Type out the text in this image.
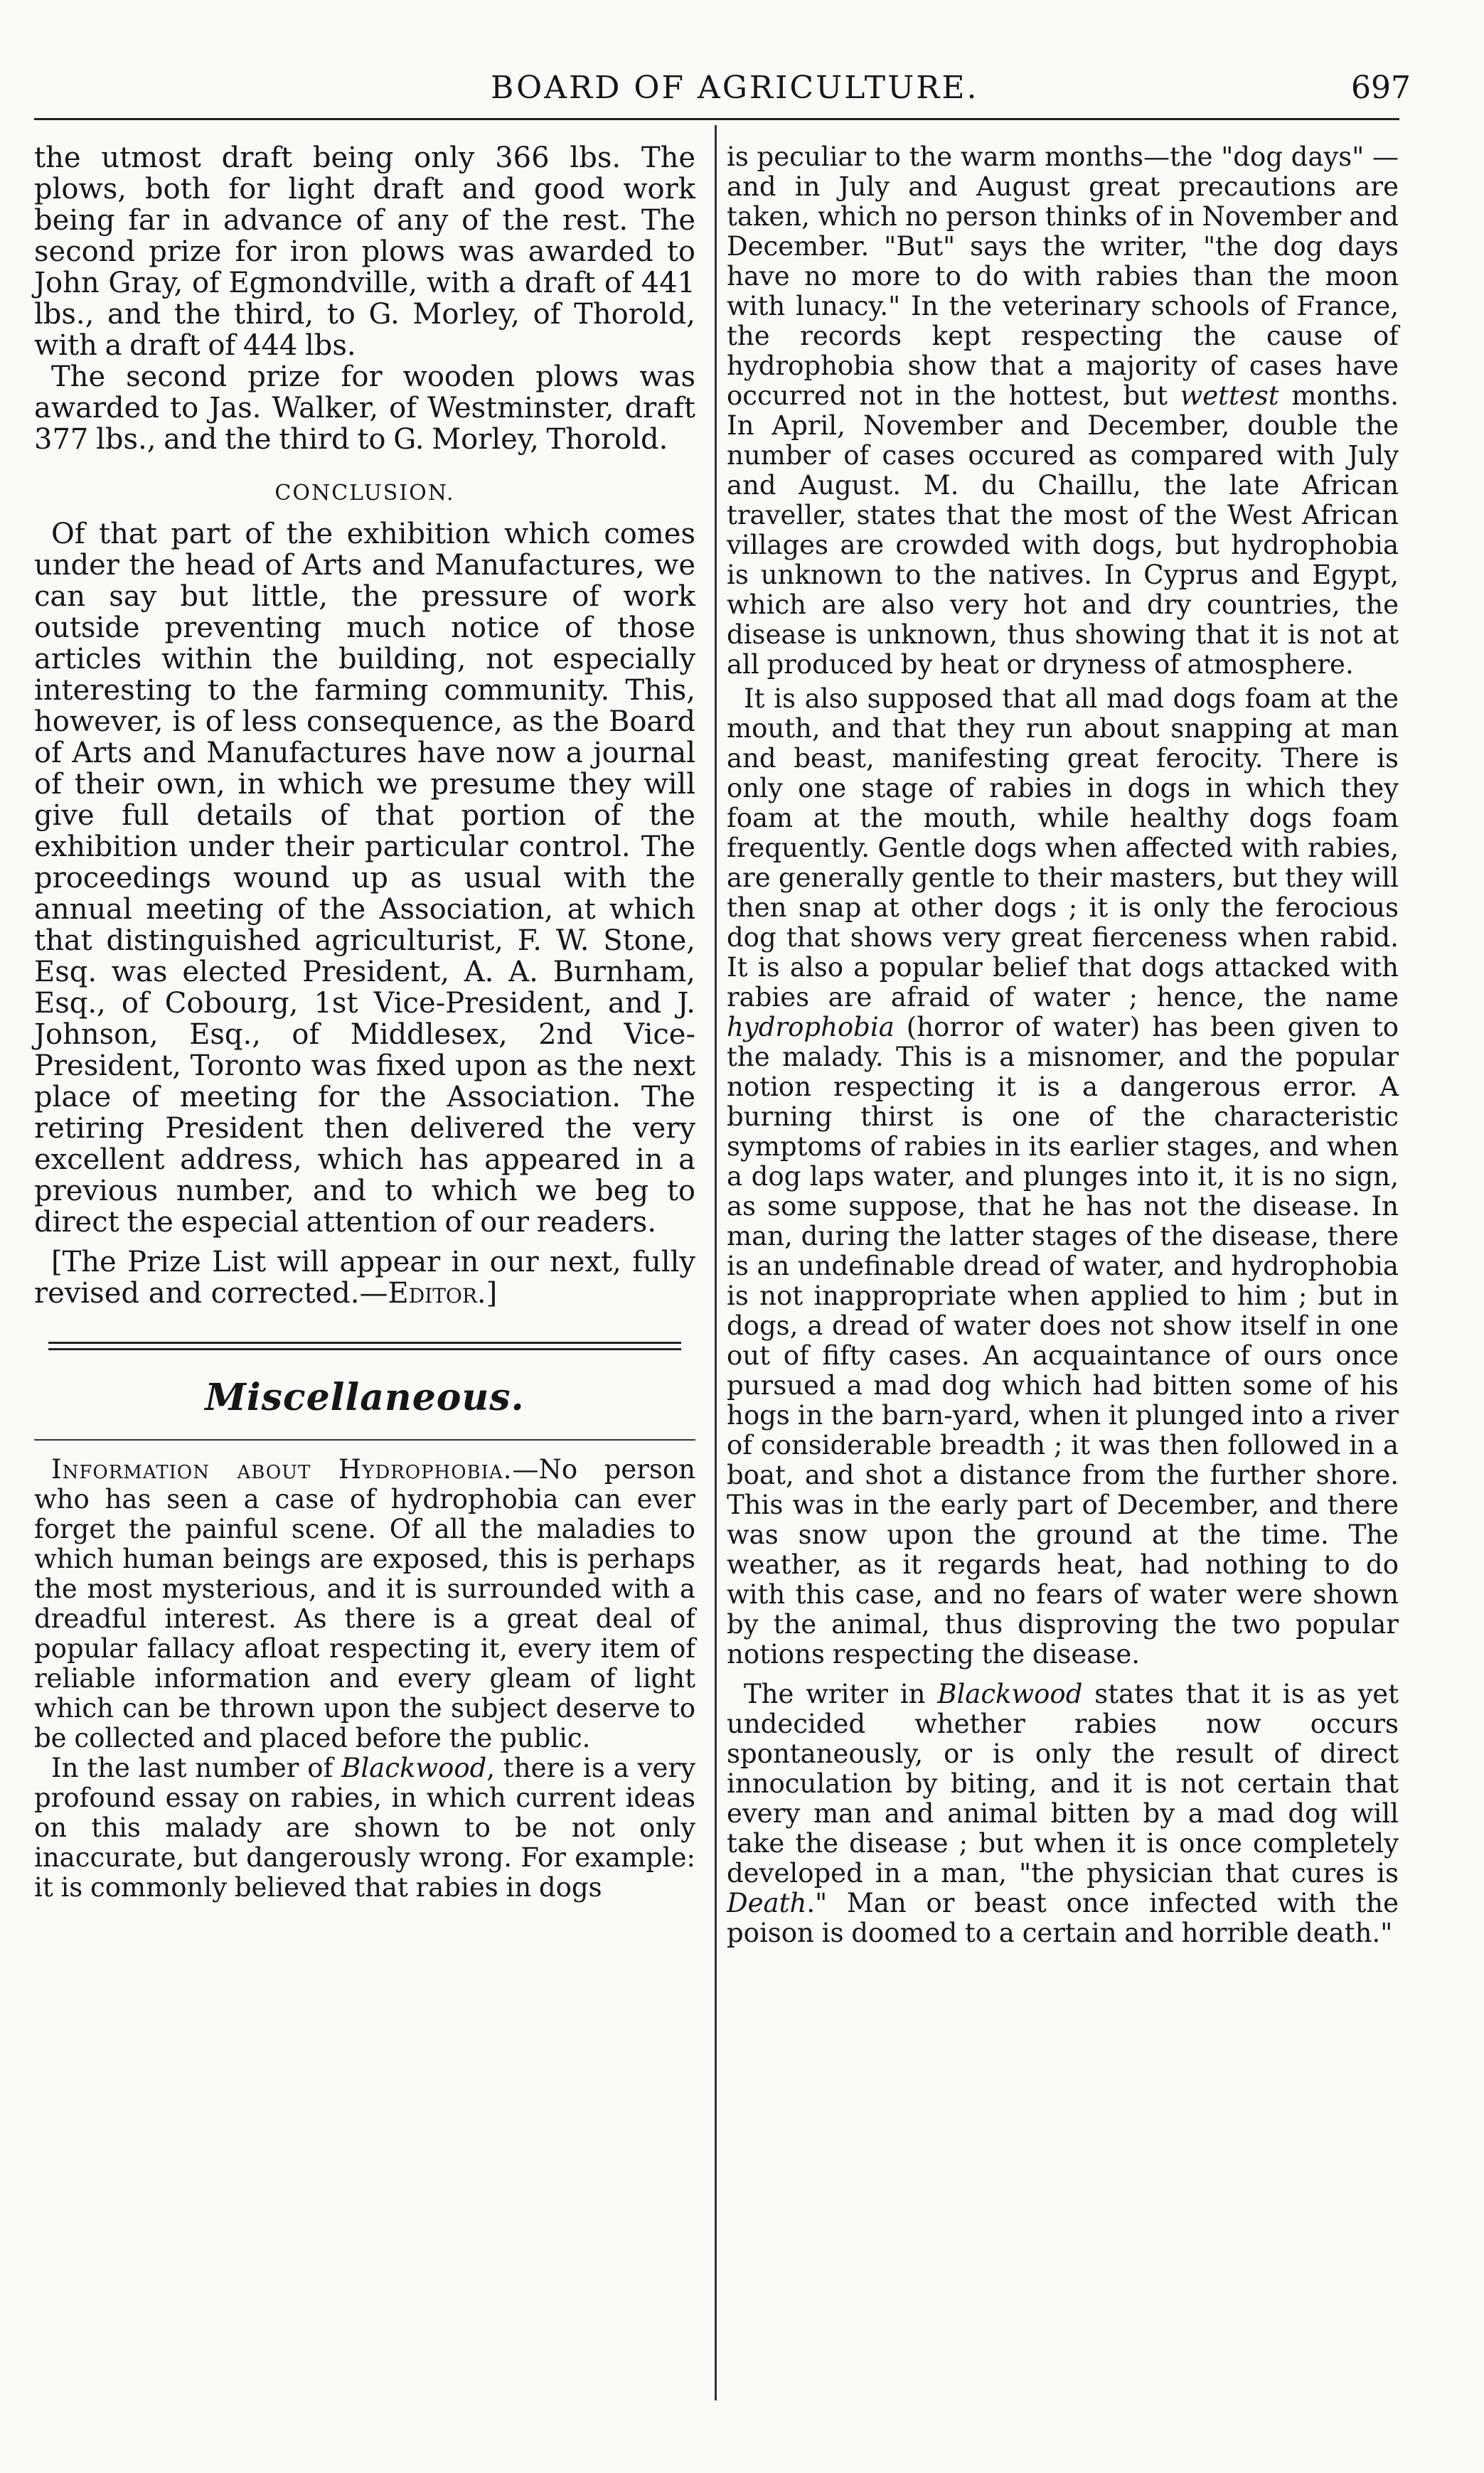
BOARD OF AGRICULTURE.	697

the utmost draft being only 366 lbs. The plows, both for light draft and good work being far in advance of any of the rest. The second prize for iron plows was awarded to John Gray, of Egmondville, with a draft of 441 lbs., and the third, to G. Morley, of Thorold, with a draft of 444 lbs.

The second prize for wooden plows was awarded to Jas. Walker, of Westminster, draft 377 lbs., and the third to G. Morley, Thorold.

CONCLUSION.

Of that part of the exhibition which comes under the head of Arts and Manufactures, we can say but little, the pressure of work outside preventing much notice of those articles within the building, not especially interesting to the farming community. This, however, is of less consequence, as the Board of Arts and Manufactures have now a journal of their own, in which we presume they will give full details of that portion of the exhibition under their particular control. The proceedings wound up as usual with the annual meeting of the Association, at which that distinguished agriculturist, F. W. Stone, Esq. was elected President, A. A. Burnham, Esq., of Cobourg, 1st Vice-President, and J. Johnson, Esq., of Middlesex, 2nd Vice-President, Toronto was fixed upon as the next place of meeting for the Association. The retiring President then delivered the very excellent address, which has appeared in a previous number, and to which we beg to direct the especial attention of our readers.

[The Prize List will appear in our next, fully revised and corrected.—Editor.]

Miscellaneous.

Information about Hydrophobia.—No person who has seen a case of hydrophobia can ever forget the painful scene. Of all the maladies to which human beings are exposed, this is perhaps the most mysterious, and it is surrounded with a dreadful interest. As there is a great deal of popular fallacy afloat respecting it, every item of reliable information and every gleam of light which can be thrown upon the subject deserve to be collected and placed before the public.

In the last number of Blackwood, there is a very profound essay on rabies, in which current ideas on this malady are shown to be not only inaccurate, but dangerously wrong. For example: it is commonly believed that rabies in dogs

is peculiar to the warm months—the "dog days" —and in July and August great precautions are taken, which no person thinks of in November and December. "But" says the writer, "the dog days have no more to do with rabies than the moon with lunacy." In the veterinary schools of France, the records kept respecting the cause of hydrophobia show that a majority of cases have occurred not in the hottest, but wettest months. In April, November and December, double the number of cases occured as compared with July and August. M. du Chaillu, the late African traveller, states that the most of the West African villages are crowded with dogs, but hydrophobia is unknown to the natives. In Cyprus and Egypt, which are also very hot and dry countries, the disease is unknown, thus showing that it is not at all produced by heat or dryness of atmosphere.

It is also supposed that all mad dogs foam at the mouth, and that they run about snapping at man and beast, manifesting great ferocity. There is only one stage of rabies in dogs in which they foam at the mouth, while healthy dogs foam frequently. Gentle dogs when affected with rabies, are generally gentle to their masters, but they will then snap at other dogs ; it is only the ferocious dog that shows very great fierceness when rabid. It is also a popular belief that dogs attacked with rabies are afraid of water ; hence, the name hydrophobia (horror of water) has been given to the malady. This is a misnomer, and the popular notion respecting it is a dangerous error. A burning thirst is one of the characteristic symptoms of rabies in its earlier stages, and when a dog laps water, and plunges into it, it is no sign, as some suppose, that he has not the disease. In man, during the latter stages of the disease, there is an undefinable dread of water, and hydrophobia is not inappropriate when applied to him ; but in dogs, a dread of water does not show itself in one out of fifty cases. An acquaintance of ours once pursued a mad dog which had bitten some of his hogs in the barn-yard, when it plunged into a river of considerable breadth ; it was then followed in a boat, and shot a distance from the further shore. This was in the early part of December, and there was snow upon the ground at the time. The weather, as it regards heat, had nothing to do with this case, and no fears of water were shown by the animal, thus disproving the two popular notions respecting the disease.

The writer in Blackwood states that it is as yet undecided whether rabies now occurs spontaneously, or is only the result of direct innoculation by biting, and it is not certain that every man and animal bitten by a mad dog will take the disease ; but when it is once completely developed in a man, "the physician that cures is Death." Man or beast once infected with the poison is doomed to a certain and horrible death."
